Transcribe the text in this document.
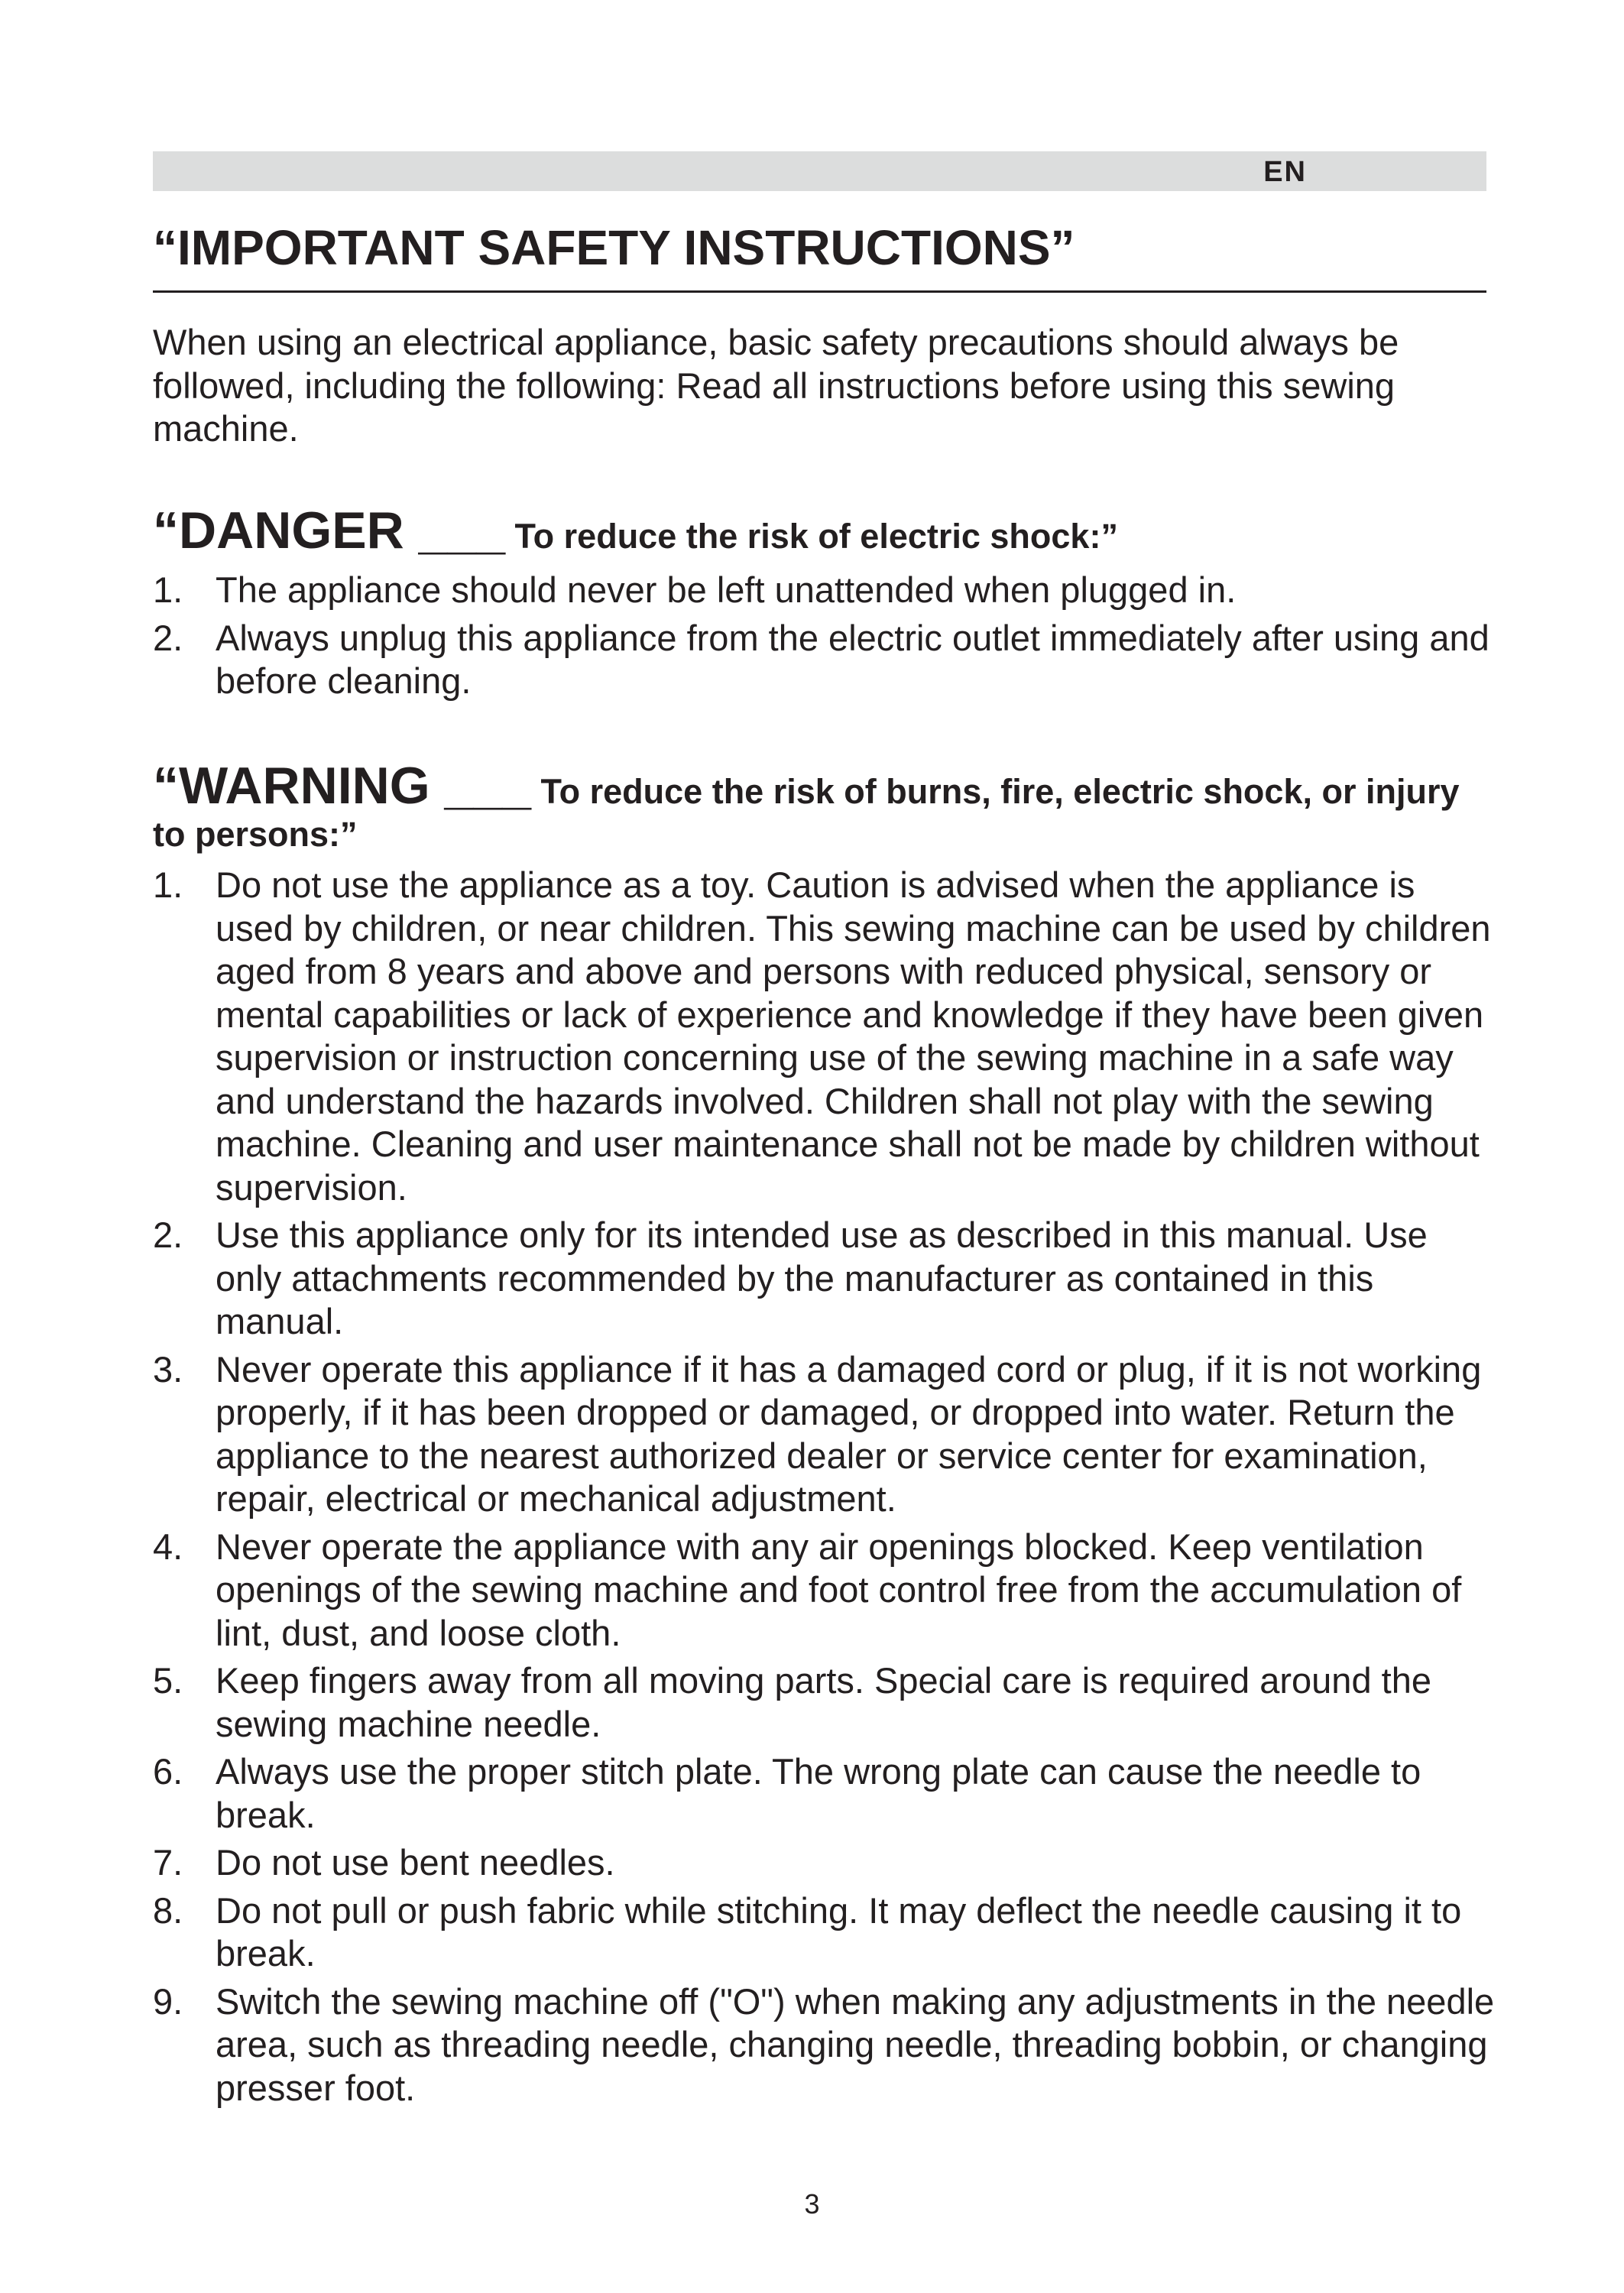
EN
“IMPORTANT SAFETY INSTRUCTIONS”
When using an electrical appliance, basic safety precautions should always be followed, including the following: Read all instructions before using this sewing machine.
“DANGER ___ To reduce the risk of electric shock:”
1. The appliance should never be left unattended when plugged in.
2. Always unplug this appliance from the electric outlet immediately after using and before cleaning.
“WARNING ___ To reduce the risk of burns, fire, electric shock, or injury to persons:”
1. Do not use the appliance as a toy. Caution is advised when the appliance is used by children, or near children. This sewing machine can be used by children aged from 8 years and above and persons with reduced physical, sensory or mental capabilities or lack of experience and knowledge if they have been given supervision or instruction concerning use of the sewing machine in a safe way and understand the hazards involved. Children shall not play with the sewing machine. Cleaning and user maintenance shall not be made by children without supervision.
2. Use this appliance only for its intended use as described in this manual. Use only attachments recommended by the manufacturer as contained in this manual.
3. Never operate this appliance if it has a damaged cord or plug, if it is not working properly, if it has been dropped or damaged, or dropped into water. Return the appliance to the nearest authorized dealer or service center for examination, repair, electrical or mechanical adjustment.
4. Never operate the appliance with any air openings blocked. Keep ventilation openings of the sewing machine and foot control free from the accumulation of lint, dust, and loose cloth.
5. Keep fingers away from all moving parts. Special care is required around the sewing machine needle.
6. Always use the proper stitch plate. The wrong plate can cause the needle to break.
7. Do not use bent needles.
8. Do not pull or push fabric while stitching. It may deflect the needle causing it to break.
9. Switch the sewing machine off ("O") when making any adjustments in the needle area, such as threading needle, changing needle, threading bobbin, or changing presser foot.
3
